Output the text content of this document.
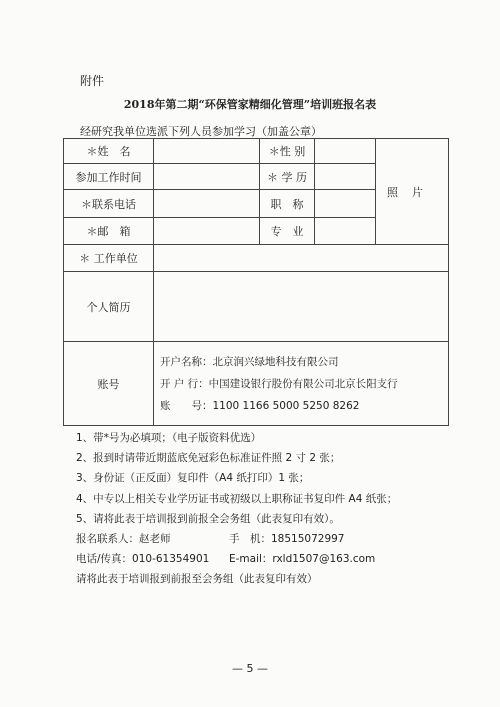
附件
2018年第二期“环保管家精细化管理”培训班报名表
经研究我单位选派下列人员参加学习（加盖公章）
＊姓　名		＊性 别		照片
参加工作时间		＊ 学 历		
＊联系电话		职　称		
＊邮　箱		专　业		
＊ 工作单位				
个人简历				
账号	开户名称：北京润兴绿地科技有限公司
开 户 行：中国建设银行股份有限公司北京长阳支行
账　　号：1100 1166 5000 5250 8262			
1、带*号为必填项；（电子版资料优选）
2、报到时请带近期蓝底免冠彩色标准证件照 2 寸 2 张；
3、身份证（正反面）复印件（A4 纸打印）1 张；
4、中专以上相关专业学历证书或初级以上职称证书复印件 A4 纸张；
5、请将此表于培训报到前报全会务组（此表复印有效）。
报名联系人：赵老师	手　机：18515072997
电话/传真：010-61354901 E-mail：rxld1507@163.com
请将此表于培训报到前报至会务组（此表复印有效）
— 5 —
